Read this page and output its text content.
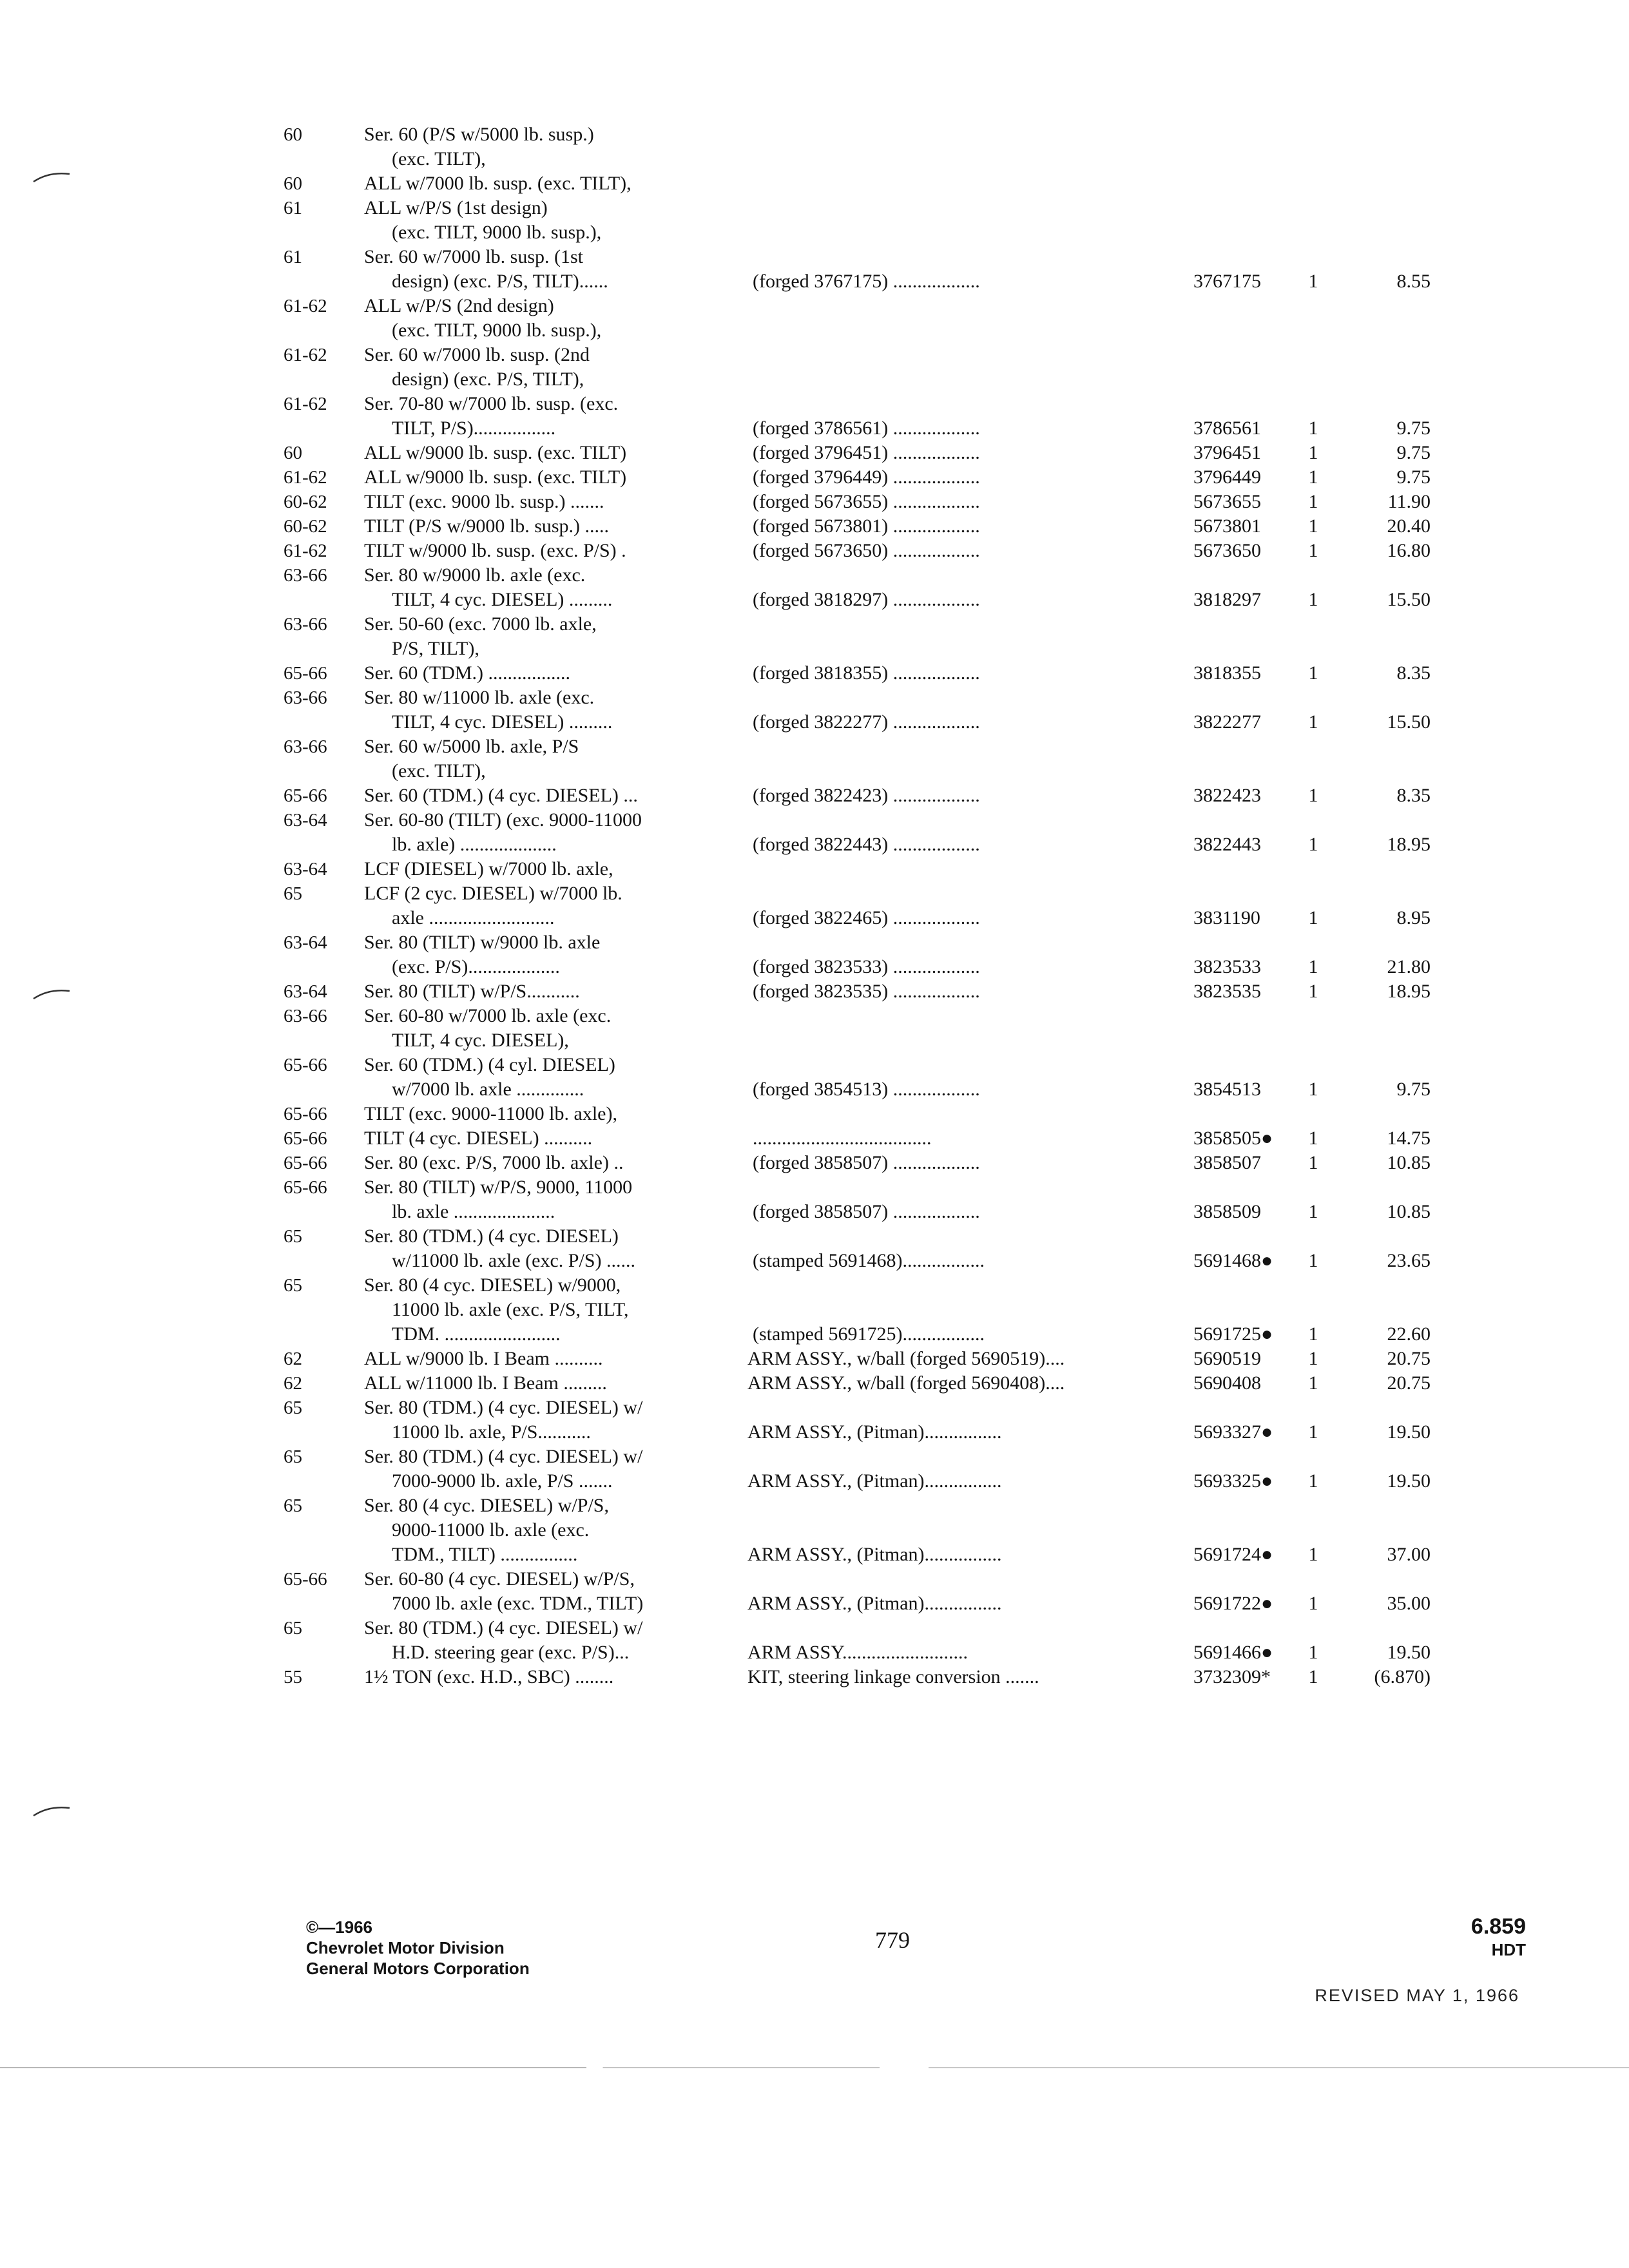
60	Ser. 60 (P/S w/5000 lb. susp.)
(exc. TILT),
60	ALL w/7000 lb. susp. (exc. TILT),
61	ALL w/P/S (1st design)
(exc. TILT, 9000 lb. susp.),
61	Ser. 60 w/7000 lb. susp. (1st
design) (exc. P/S, TILT)......	(forged 3767175) ..................	3767175	1	8.55
61-62	ALL w/P/S (2nd design)
(exc. TILT, 9000 lb. susp.),
61-62	Ser. 60 w/7000 lb. susp. (2nd
design) (exc. P/S, TILT),
61-62	Ser. 70-80 w/7000 lb. susp. (exc.
TILT, P/S).................	(forged 3786561) ..................	3786561	1	9.75
60	ALL w/9000 lb. susp. (exc. TILT)	(forged 3796451) ..................	3796451	1	9.75
61-62	ALL w/9000 lb. susp. (exc. TILT)	(forged 3796449) ..................	3796449	1	9.75
60-62	TILT (exc. 9000 lb. susp.) .......	(forged 5673655) ..................	5673655	1	11.90
60-62	TILT (P/S w/9000 lb. susp.) .....	(forged 5673801) ..................	5673801	1	20.40
61-62	TILT w/9000 lb. susp. (exc. P/S) .	(forged 5673650) ..................	5673650	1	16.80
63-66	Ser. 80 w/9000 lb. axle (exc.
TILT, 4 cyc. DIESEL) .........	(forged 3818297) ..................	3818297	1	15.50
63-66	Ser. 50-60 (exc. 7000 lb. axle,
P/S, TILT),
65-66	Ser. 60 (TDM.) .................	(forged 3818355) ..................	3818355	1	8.35
63-66	Ser. 80 w/11000 lb. axle (exc.
TILT, 4 cyc. DIESEL) .........	(forged 3822277) ..................	3822277	1	15.50
63-66	Ser. 60 w/5000 lb. axle, P/S
(exc. TILT),
65-66	Ser. 60 (TDM.) (4 cyc. DIESEL) ...	(forged 3822423) ..................	3822423	1	8.35
63-64	Ser. 60-80 (TILT) (exc. 9000-11000
lb. axle) ....................	(forged 3822443) ..................	3822443	1	18.95
63-64	LCF (DIESEL) w/7000 lb. axle,
65	LCF (2 cyc. DIESEL) w/7000 lb.
axle ..........................	(forged 3822465) ..................	3831190	1	8.95
63-64	Ser. 80 (TILT) w/9000 lb. axle
(exc. P/S)...................	(forged 3823533) ..................	3823533	1	21.80
63-64	Ser. 80 (TILT) w/P/S...........	(forged 3823535) ..................	3823535	1	18.95
63-66	Ser. 60-80 w/7000 lb. axle (exc.
TILT, 4 cyc. DIESEL),
65-66	Ser. 60 (TDM.) (4 cyl. DIESEL)
w/7000 lb. axle ..............	(forged 3854513) ..................	3854513	1	9.75
65-66	TILT (exc. 9000-11000 lb. axle),
65-66	TILT (4 cyc. DIESEL) ..........	.....................................	3858505●	1	14.75
65-66	Ser. 80 (exc. P/S, 7000 lb. axle) ..	(forged 3858507) ..................	3858507	1	10.85
65-66	Ser. 80 (TILT) w/P/S, 9000, 11000
lb. axle .....................	(forged 3858507) ..................	3858509	1	10.85
65	Ser. 80 (TDM.) (4 cyc. DIESEL)
w/11000 lb. axle (exc. P/S) ......	(stamped 5691468).................	5691468●	1	23.65
65	Ser. 80 (4 cyc. DIESEL) w/9000,
11000 lb. axle (exc. P/S, TILT,
TDM. ........................	(stamped 5691725).................	5691725●	1	22.60
62	ALL w/9000 lb. I Beam ..........	ARM ASSY., w/ball (forged 5690519)....	5690519	1	20.75
62	ALL w/11000 lb. I Beam .........	ARM ASSY., w/ball (forged 5690408)....	5690408	1	20.75
65	Ser. 80 (TDM.) (4 cyc. DIESEL) w/
11000 lb. axle, P/S...........	ARM ASSY., (Pitman)................	5693327●	1	19.50
65	Ser. 80 (TDM.) (4 cyc. DIESEL) w/
7000-9000 lb. axle, P/S .......	ARM ASSY., (Pitman)................	5693325●	1	19.50
65	Ser. 80 (4 cyc. DIESEL) w/P/S,
9000-11000 lb. axle (exc.
TDM., TILT) ................	ARM ASSY., (Pitman)................	5691724●	1	37.00
65-66	Ser. 60-80 (4 cyc. DIESEL) w/P/S,
7000 lb. axle (exc. TDM., TILT)	ARM ASSY., (Pitman)................	5691722●	1	35.00
65	Ser. 80 (TDM.) (4 cyc. DIESEL) w/
H.D. steering gear (exc. P/S)...	ARM ASSY..........................	5691466●	1	19.50
55	1½ TON (exc. H.D., SBC) ........	KIT, steering linkage conversion .......	3732309*	1	(6.870)
©—1966
Chevrolet Motor Division
General Motors Corporation
779
6.859
HDT
REVISED MAY 1, 1966
